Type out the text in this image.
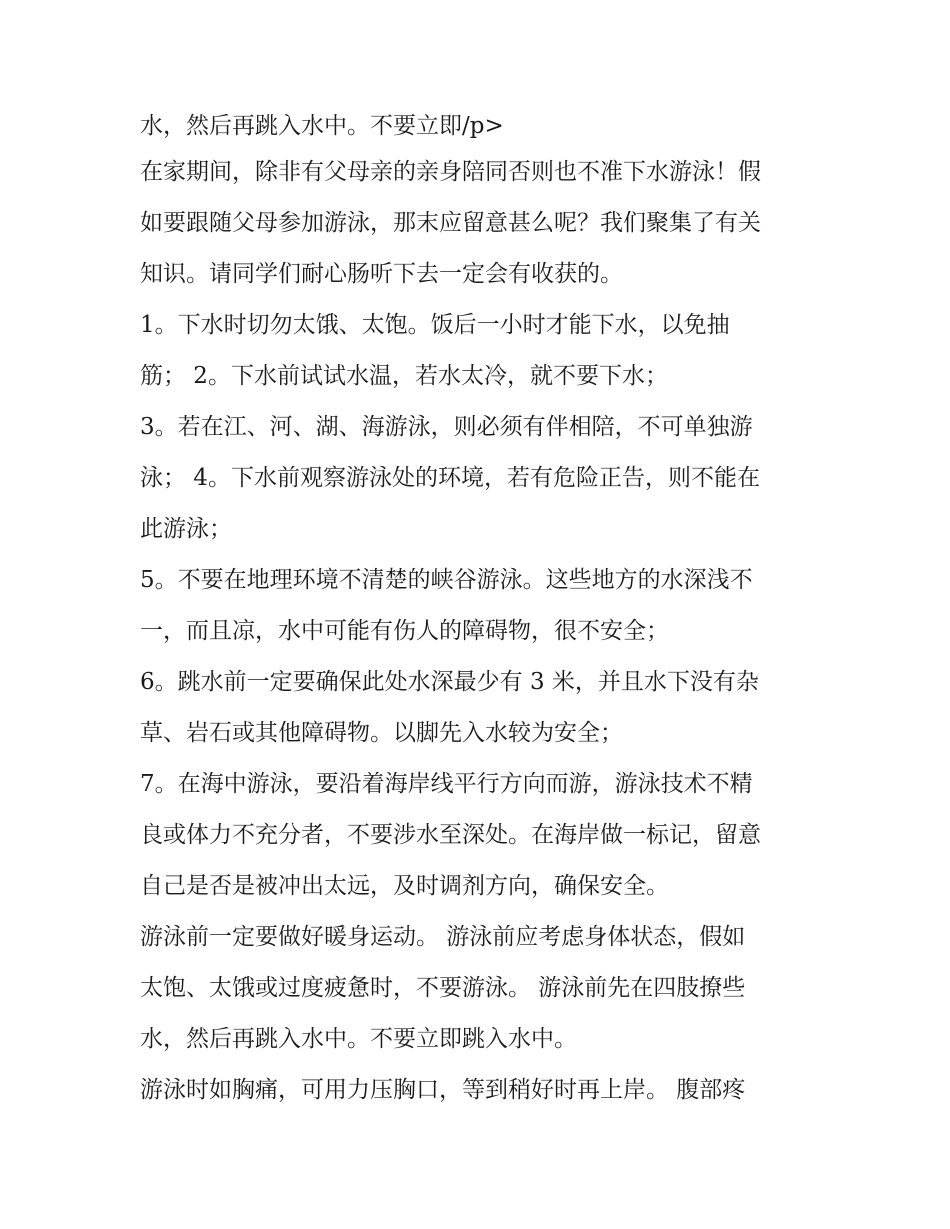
水，然后再跳入水中。不要立即/p>
在家期间，除非有父母亲的亲身陪同否则也不准下水游泳！假
如要跟随父母参加游泳，那末应留意甚么呢？我们聚集了有关
知识。请同学们耐心肠听下去一定会有收获的。
1。下水时切勿太饿、太饱。饭后一小时才能下水，以免抽
筋； 2。下水前试试水温，若水太冷，就不要下水；
3。若在江、河、湖、海游泳，则必须有伴相陪，不可单独游
泳； 4。下水前观察游泳处的环境，若有危险正告，则不能在
此游泳；
5。不要在地理环境不清楚的峡谷游泳。这些地方的水深浅不
一，而且凉，水中可能有伤人的障碍物，很不安全；
6。跳水前一定要确保此处水深最少有 3 米，并且水下没有杂
草、岩石或其他障碍物。以脚先入水较为安全；
7。在海中游泳，要沿着海岸线平行方向而游，游泳技术不精
良或体力不充分者，不要涉水至深处。在海岸做一标记，留意
自己是否是被冲出太远，及时调剂方向，确保安全。
游泳前一定要做好暖身运动。 游泳前应考虑身体状态，假如
太饱、太饿或过度疲惫时，不要游泳。 游泳前先在四肢撩些
水，然后再跳入水中。不要立即跳入水中。
游泳时如胸痛，可用力压胸口，等到稍好时再上岸。 腹部疼
